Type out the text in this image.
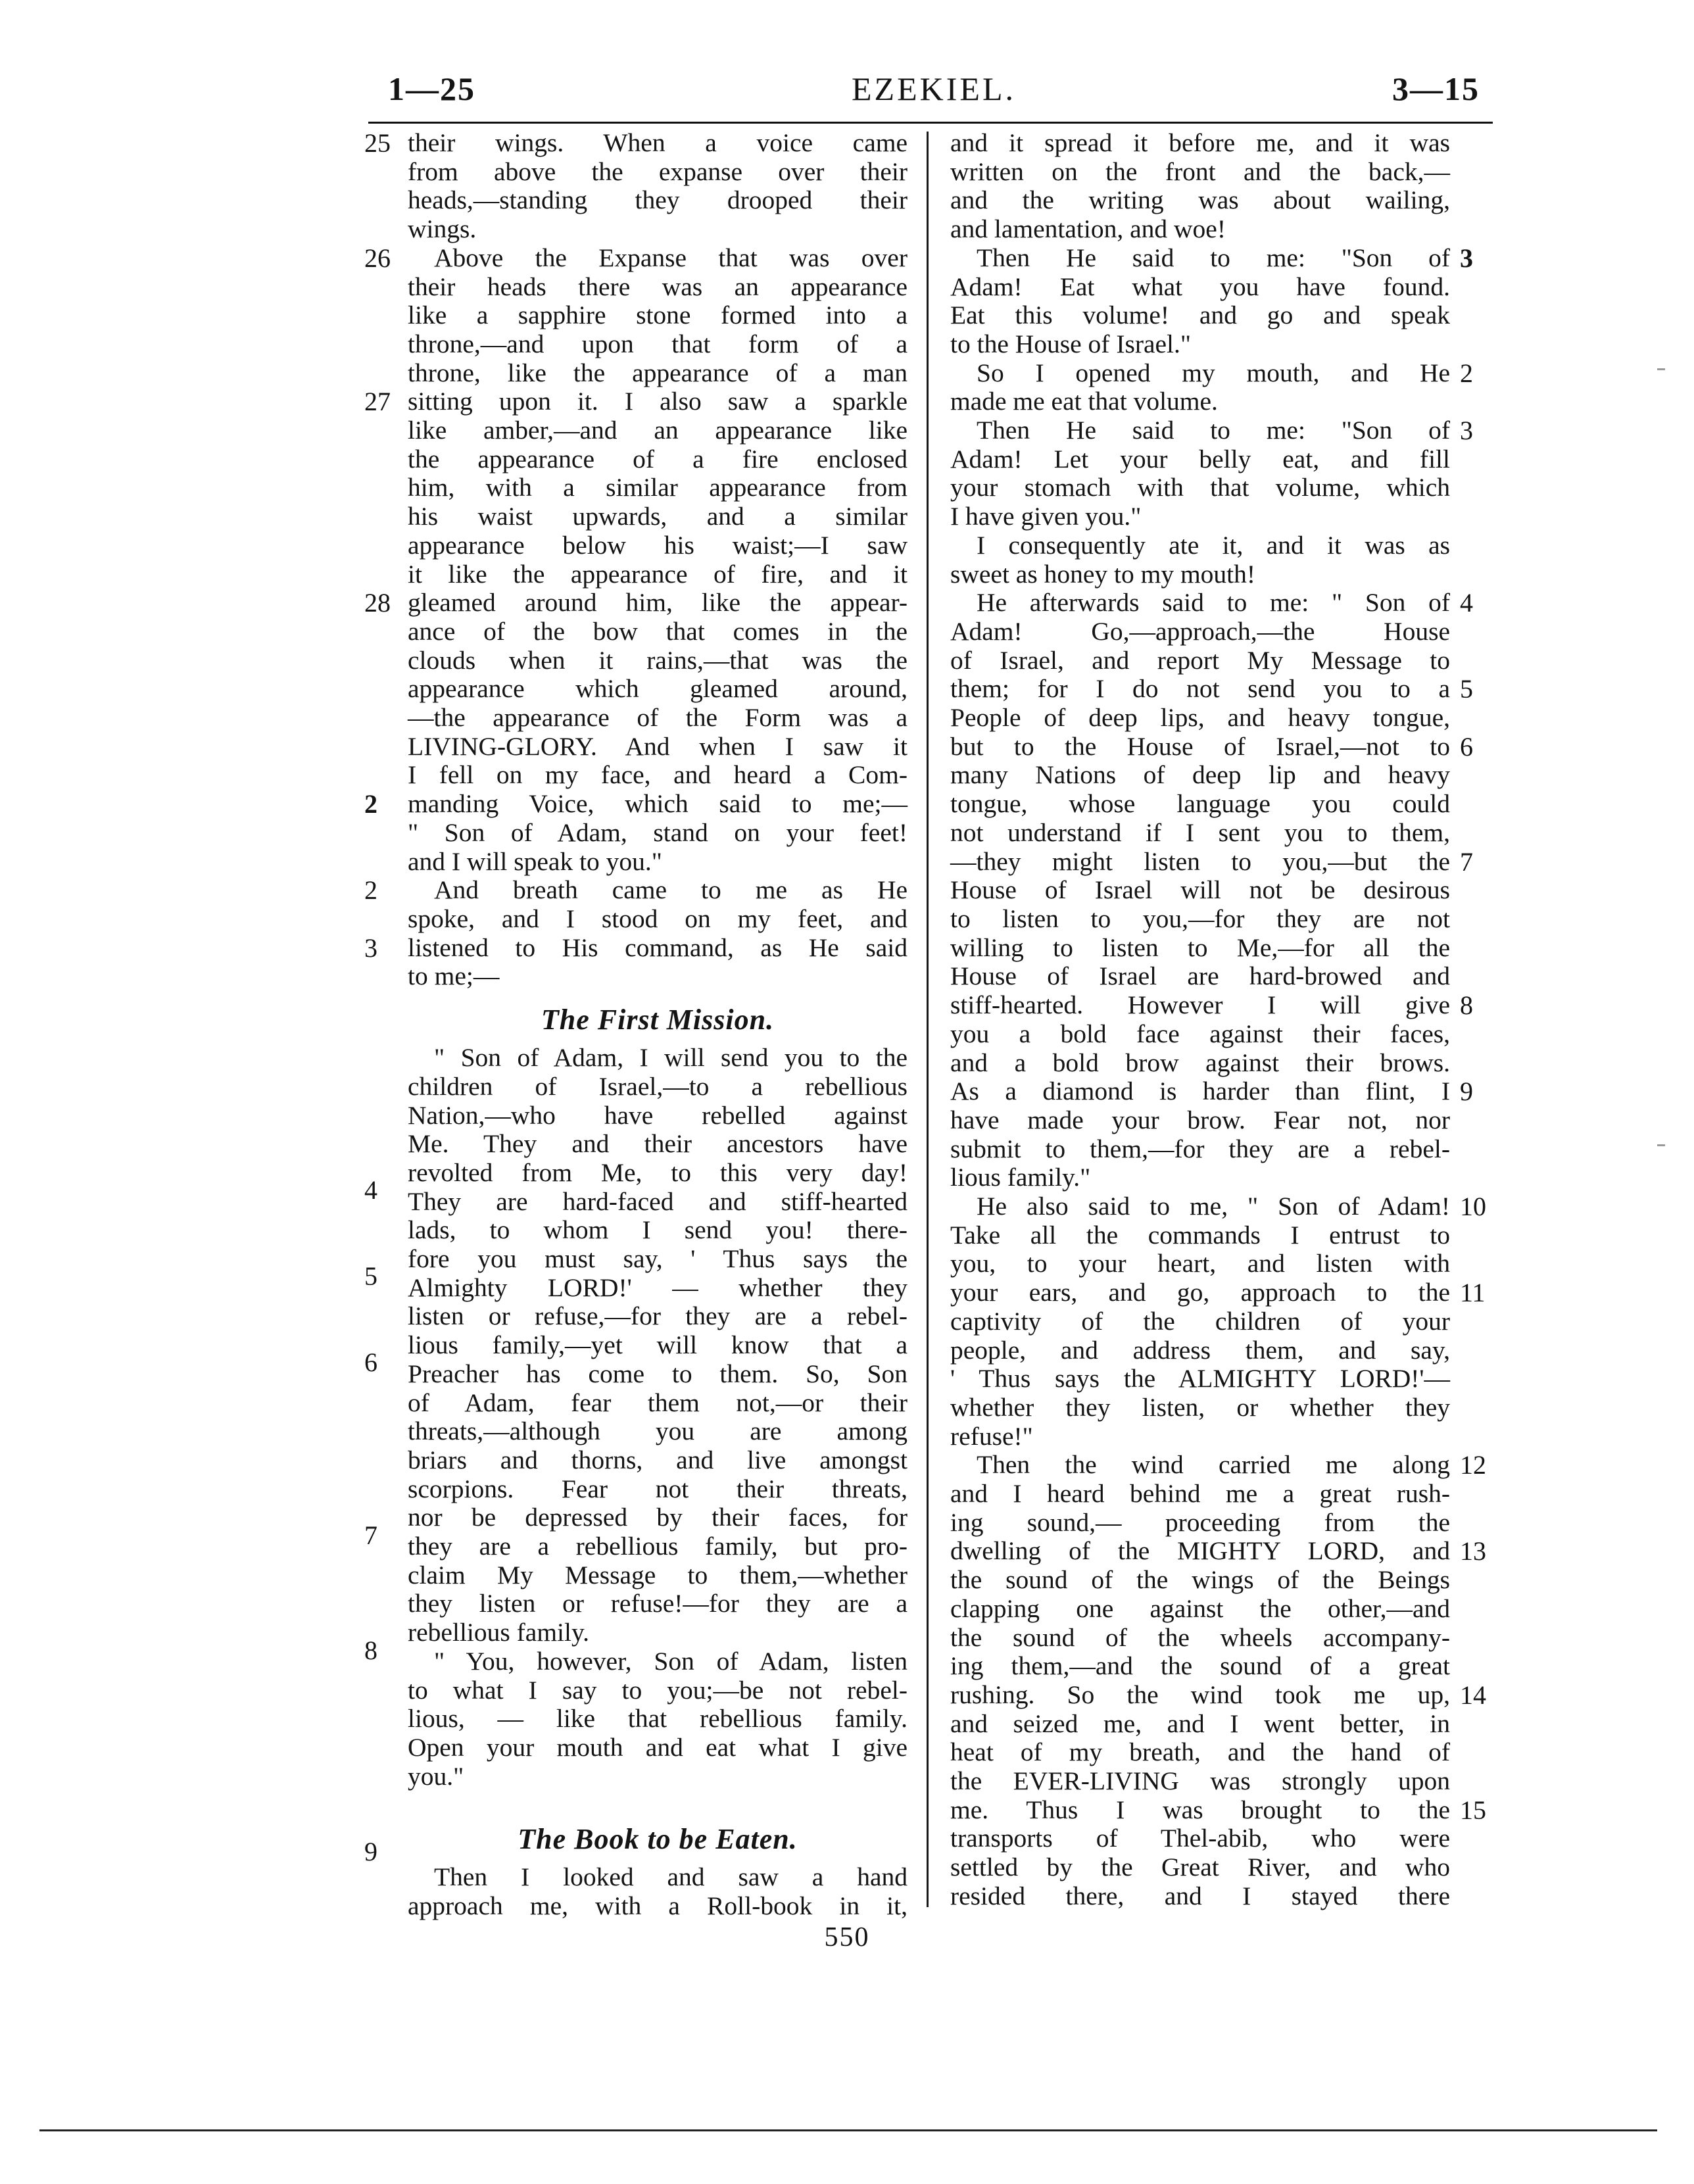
1—25	EZEKIEL.	3—15
25
26
27
28
2
2
3
4
5
6
7
8
9
their wings. When a voice came
from above the expanse over their
heads,—standing they drooped their
wings.
Above the Expanse that was over
their heads there was an appearance
like a sapphire stone formed into a
throne,—and upon that form of a
throne, like the appearance of a man
sitting upon it. I also saw a sparkle
like amber,—and an appearance like
the appearance of a fire enclosed
him, with a similar appearance from
his waist upwards, and a similar
appearance below his waist;—I saw
it like the appearance of fire, and it
gleamed around him, like the appear-
ance of the bow that comes in the
clouds when it rains,—that was the
appearance which gleamed around,
—the appearance of the Form was a
LIVING-GLORY. And when I saw it
I fell on my face, and heard a Com-
manding Voice, which said to me;—
" Son of Adam, stand on your feet!
and I will speak to you."
And breath came to me as He
spoke, and I stood on my feet, and
listened to His command, as He said
to me;—
The First Mission.
" Son of Adam, I will send you to the
children of Israel,—to a rebellious
Nation,—who have rebelled against
Me. They and their ancestors have
revolted from Me, to this very day!
They are hard-faced and stiff-hearted
lads, to whom I send you! there-
fore you must say, ' Thus says the
Almighty LORD!' — whether they
listen or refuse,—for they are a rebel-
lious family,—yet will know that a
Preacher has come to them. So, Son
of Adam, fear them not,—or their
threats,—although you are among
briars and thorns, and live amongst
scorpions. Fear not their threats,
nor be depressed by their faces, for
they are a rebellious family, but pro-
claim My Message to them,—whether
they listen or refuse!—for they are a
rebellious family.
" You, however, Son of Adam, listen
to what I say to you;—be not rebel-
lious, — like that rebellious family.
Open your mouth and eat what I give
you."
The Book to be Eaten.
Then I looked and saw a hand
approach me, with a Roll-book in it,
3
2
3
4
5
6
7
8
9
10
11
12
13
14
15
and it spread it before me, and it was
written on the front and the back,—
and the writing was about wailing,
and lamentation, and woe!
Then He said to me: "Son of
Adam! Eat what you have found.
Eat this volume! and go and speak
to the House of Israel."
So I opened my mouth, and He
made me eat that volume.
Then He said to me: "Son of
Adam! Let your belly eat, and fill
your stomach with that volume, which
I have given you."
I consequently ate it, and it was as
sweet as honey to my mouth!
He afterwards said to me: " Son of
Adam! Go,—approach,—the House
of Israel, and report My Message to
them; for I do not send you to a
People of deep lips, and heavy tongue,
but to the House of Israel,—not to
many Nations of deep lip and heavy
tongue, whose language you could
not understand if I sent you to them,
—they might listen to you,—but the
House of Israel will not be desirous
to listen to you,—for they are not
willing to listen to Me,—for all the
House of Israel are hard-browed and
stiff-hearted. However I will give
you a bold face against their faces,
and a bold brow against their brows.
As a diamond is harder than flint, I
have made your brow. Fear not, nor
submit to them,—for they are a rebel-
lious family."
He also said to me, " Son of Adam!
Take all the commands I entrust to
you, to your heart, and listen with
your ears, and go, approach to the
captivity of the children of your
people, and address them, and say,
' Thus says the ALMIGHTY LORD!'—
whether they listen, or whether they
refuse!"
Then the wind carried me along
and I heard behind me a great rush-
ing sound,— proceeding from the
dwelling of the MIGHTY LORD, and
the sound of the wings of the Beings
clapping one against the other,—and
the sound of the wheels accompany-
ing them,—and the sound of a great
rushing. So the wind took me up,
and seized me, and I went better, in
heat of my breath, and the hand of
the EVER-LIVING was strongly upon
me. Thus I was brought to the
transports of Thel-abib, who were
settled by the Great River, and who
resided there, and I stayed there
550
